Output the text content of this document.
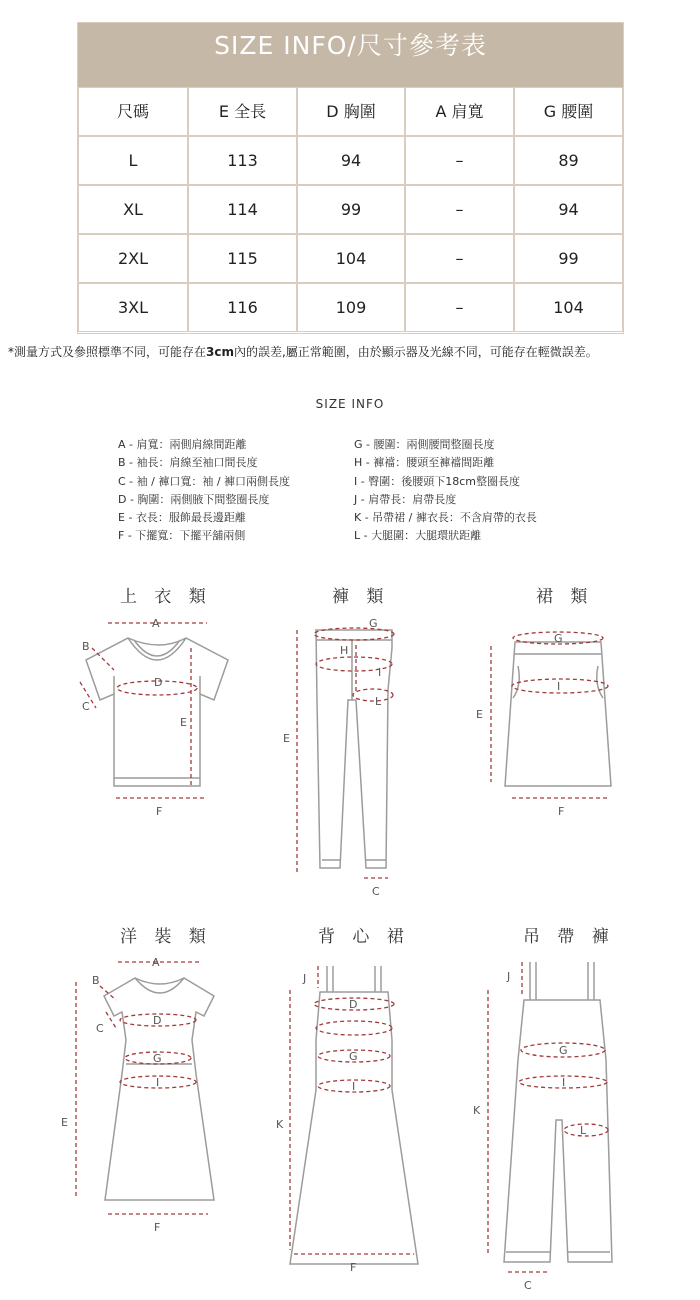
SIZE INFO/尺寸參考表
尺碼	E 全長	D 胸圍	A 肩寬	G 腰圍
L	113	94	–	89
XL	114	99	–	94
2XL	115	104	–	99
3XL	116	109	–	104
*測量方式及參照標準不同，可能存在3cm內的誤差,屬正常範圍，由於顯示器及光線不同，可能存在輕微誤差。
SIZE INFO
A - 肩寬：兩側肩線間距離
B - 袖長：肩線至袖口間長度
C - 袖 / 褲口寬：袖 / 褲口兩側長度
D - 胸圍：兩側腋下間整圈長度
E - 衣長：服飾最長邊距離
F - 下擺寬：下擺平舖兩側
G - 腰圍：兩側腰間整圈長度
H - 褲襠：腰頭至褲襠間距離
I - 臀圍：後腰頭下18cm整圈長度
J - 肩帶長：肩帶長度
K - 吊帶裙 / 褲衣長：不含肩帶的衣長
L - 大腿圍：大腿環狀距離
上 衣 類	褲 類	裙 類
洋 裝 類	背 心 裙	吊 帶 褲
A
B
C
D
E
F
G
H
I
L
E
C
G
I
E
F
A
B
C
D
G
I
E
F
J
D
G
I
K
F
J
G
I
L
K
C
